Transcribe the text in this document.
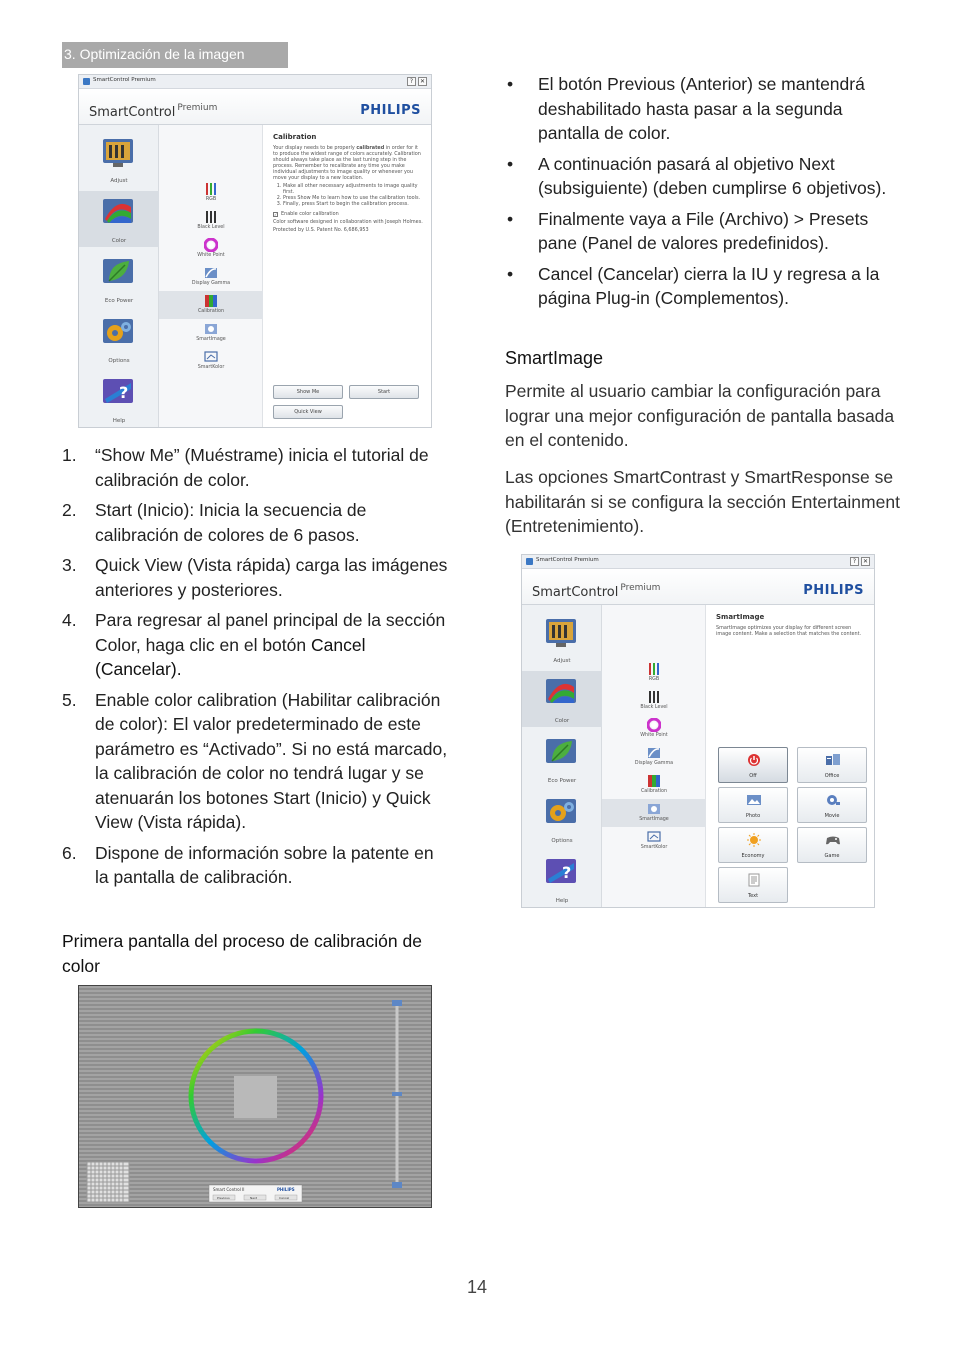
3. Optimización de la imagen
SmartControl Premium	?	✕
SmartControl $^{Premium}$	PHILIPS
Adjust
Color
Eco Power
Options
?
Help
RGB
Black Level
White Point
Display Gamma
Calibration
SmartImage
SmartKolor
Calibration

Your display needs to be properly calibrated in order for it to produce the widest range of colors accurately. Calibration should always take place as the last tuning step in the process. Remember to recalibrate any time you make individual adjustments to image quality or whenever you move your display to a new location.

1. Make all other necessary adjustments to image quality first.
2. Press Show Me to learn how to use the calibration tools.
3. Finally, press Start to begin the calibration process.

✓ Enable color calibration

Color software designed in collaboration with Joseph Holmes.

Protected by U.S. Patent No. 6,686,953

Show Me	Start
Quick View
1. “Show Me” (Muéstrame) inicia el tutorial de calibración de color.
2. Start (Inicio): Inicia la secuencia de calibración de colores de 6 pasos.
3. Quick View (Vista rápida) carga las imágenes anteriores y posteriores.
4. Para regresar al panel principal de la sección Color, haga clic en el botón Cancel (Cancelar).
5. Enable color calibration (Habilitar calibración de color): El valor predeterminado de este parámetro es “Activado”. Si no está marcado, la calibración de color no tendrá lugar y se atenuarán los botones Start (Inicio) y Quick View (Vista rápida).
6. Dispone de información sobre la patente en la pantalla de calibración.
Primera pantalla del proceso de calibración de color
Smart Control II	PHILIPS
Previous	Next	Cancel
• El botón Previous (Anterior) se mantendrá deshabilitado hasta pasar a la segunda pantalla de color.
• A continuación pasará al objetivo Next (subsiguiente) (deben cumplirse 6 objetivos).
• Finalmente vaya a File (Archivo) > Presets pane (Panel de valores predefinidos).
• Cancel (Cancelar) cierra la IU y regresa a la página Plug-in (Complementos).
SmartImage
Permite al usuario cambiar la configuración para lograr una mejor configuración de pantalla basada en el contenido.
Las opciones SmartContrast y SmartResponse se habilitarán si se configura la sección Entertainment (Entretenimiento).
SmartControl Premium	?	✕
SmartControl $^{Premium}$	PHILIPS
Adjust
Color
Eco Power
Options
?
Help
RGB
Black Level
White Point
Display Gamma
Calibration
SmartImage
SmartKolor
SmartImage
SmartImage optimizes your display for different screen image content. Make a selection that matches the content.
Off	Office
Photo	Movie
Economy	Game
Text
14
